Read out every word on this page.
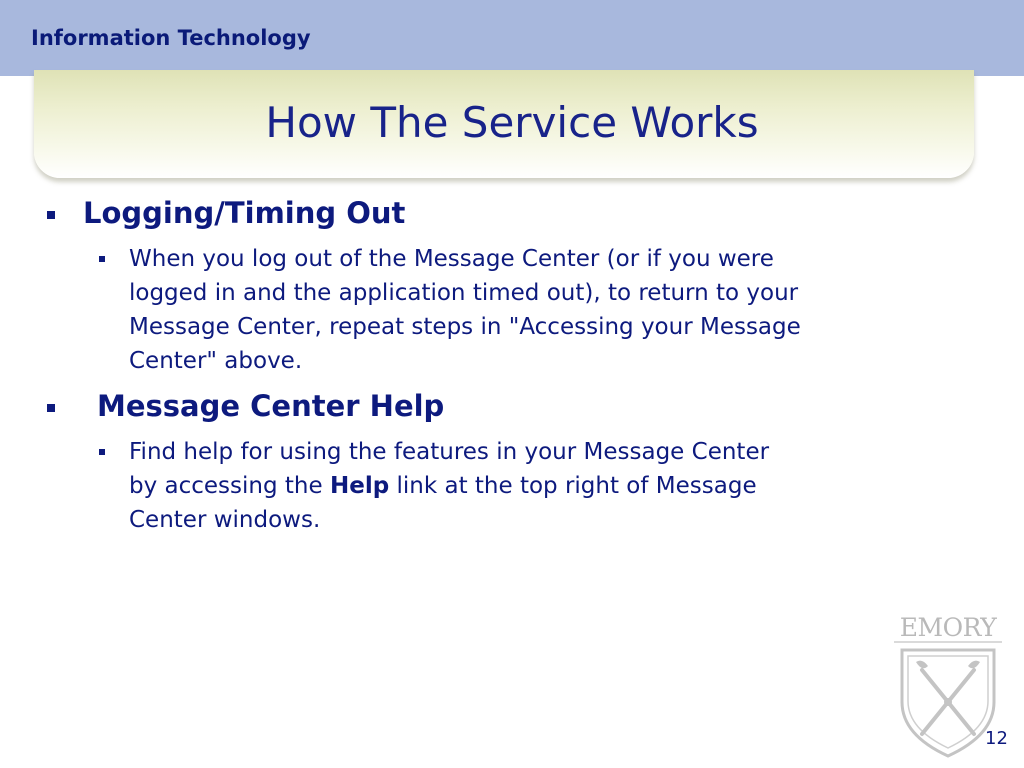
Information Technology
How The Service Works
Logging/Timing Out

When you log out of the Message Center (or if you were
logged in and the application timed out), to return to your
Message Center, repeat steps in "Accessing your Message
Center" above.

Message Center Help

Find help for using the features in your Message Center
by accessing the Help link at the top right of Message
Center windows.

EMORY
12
